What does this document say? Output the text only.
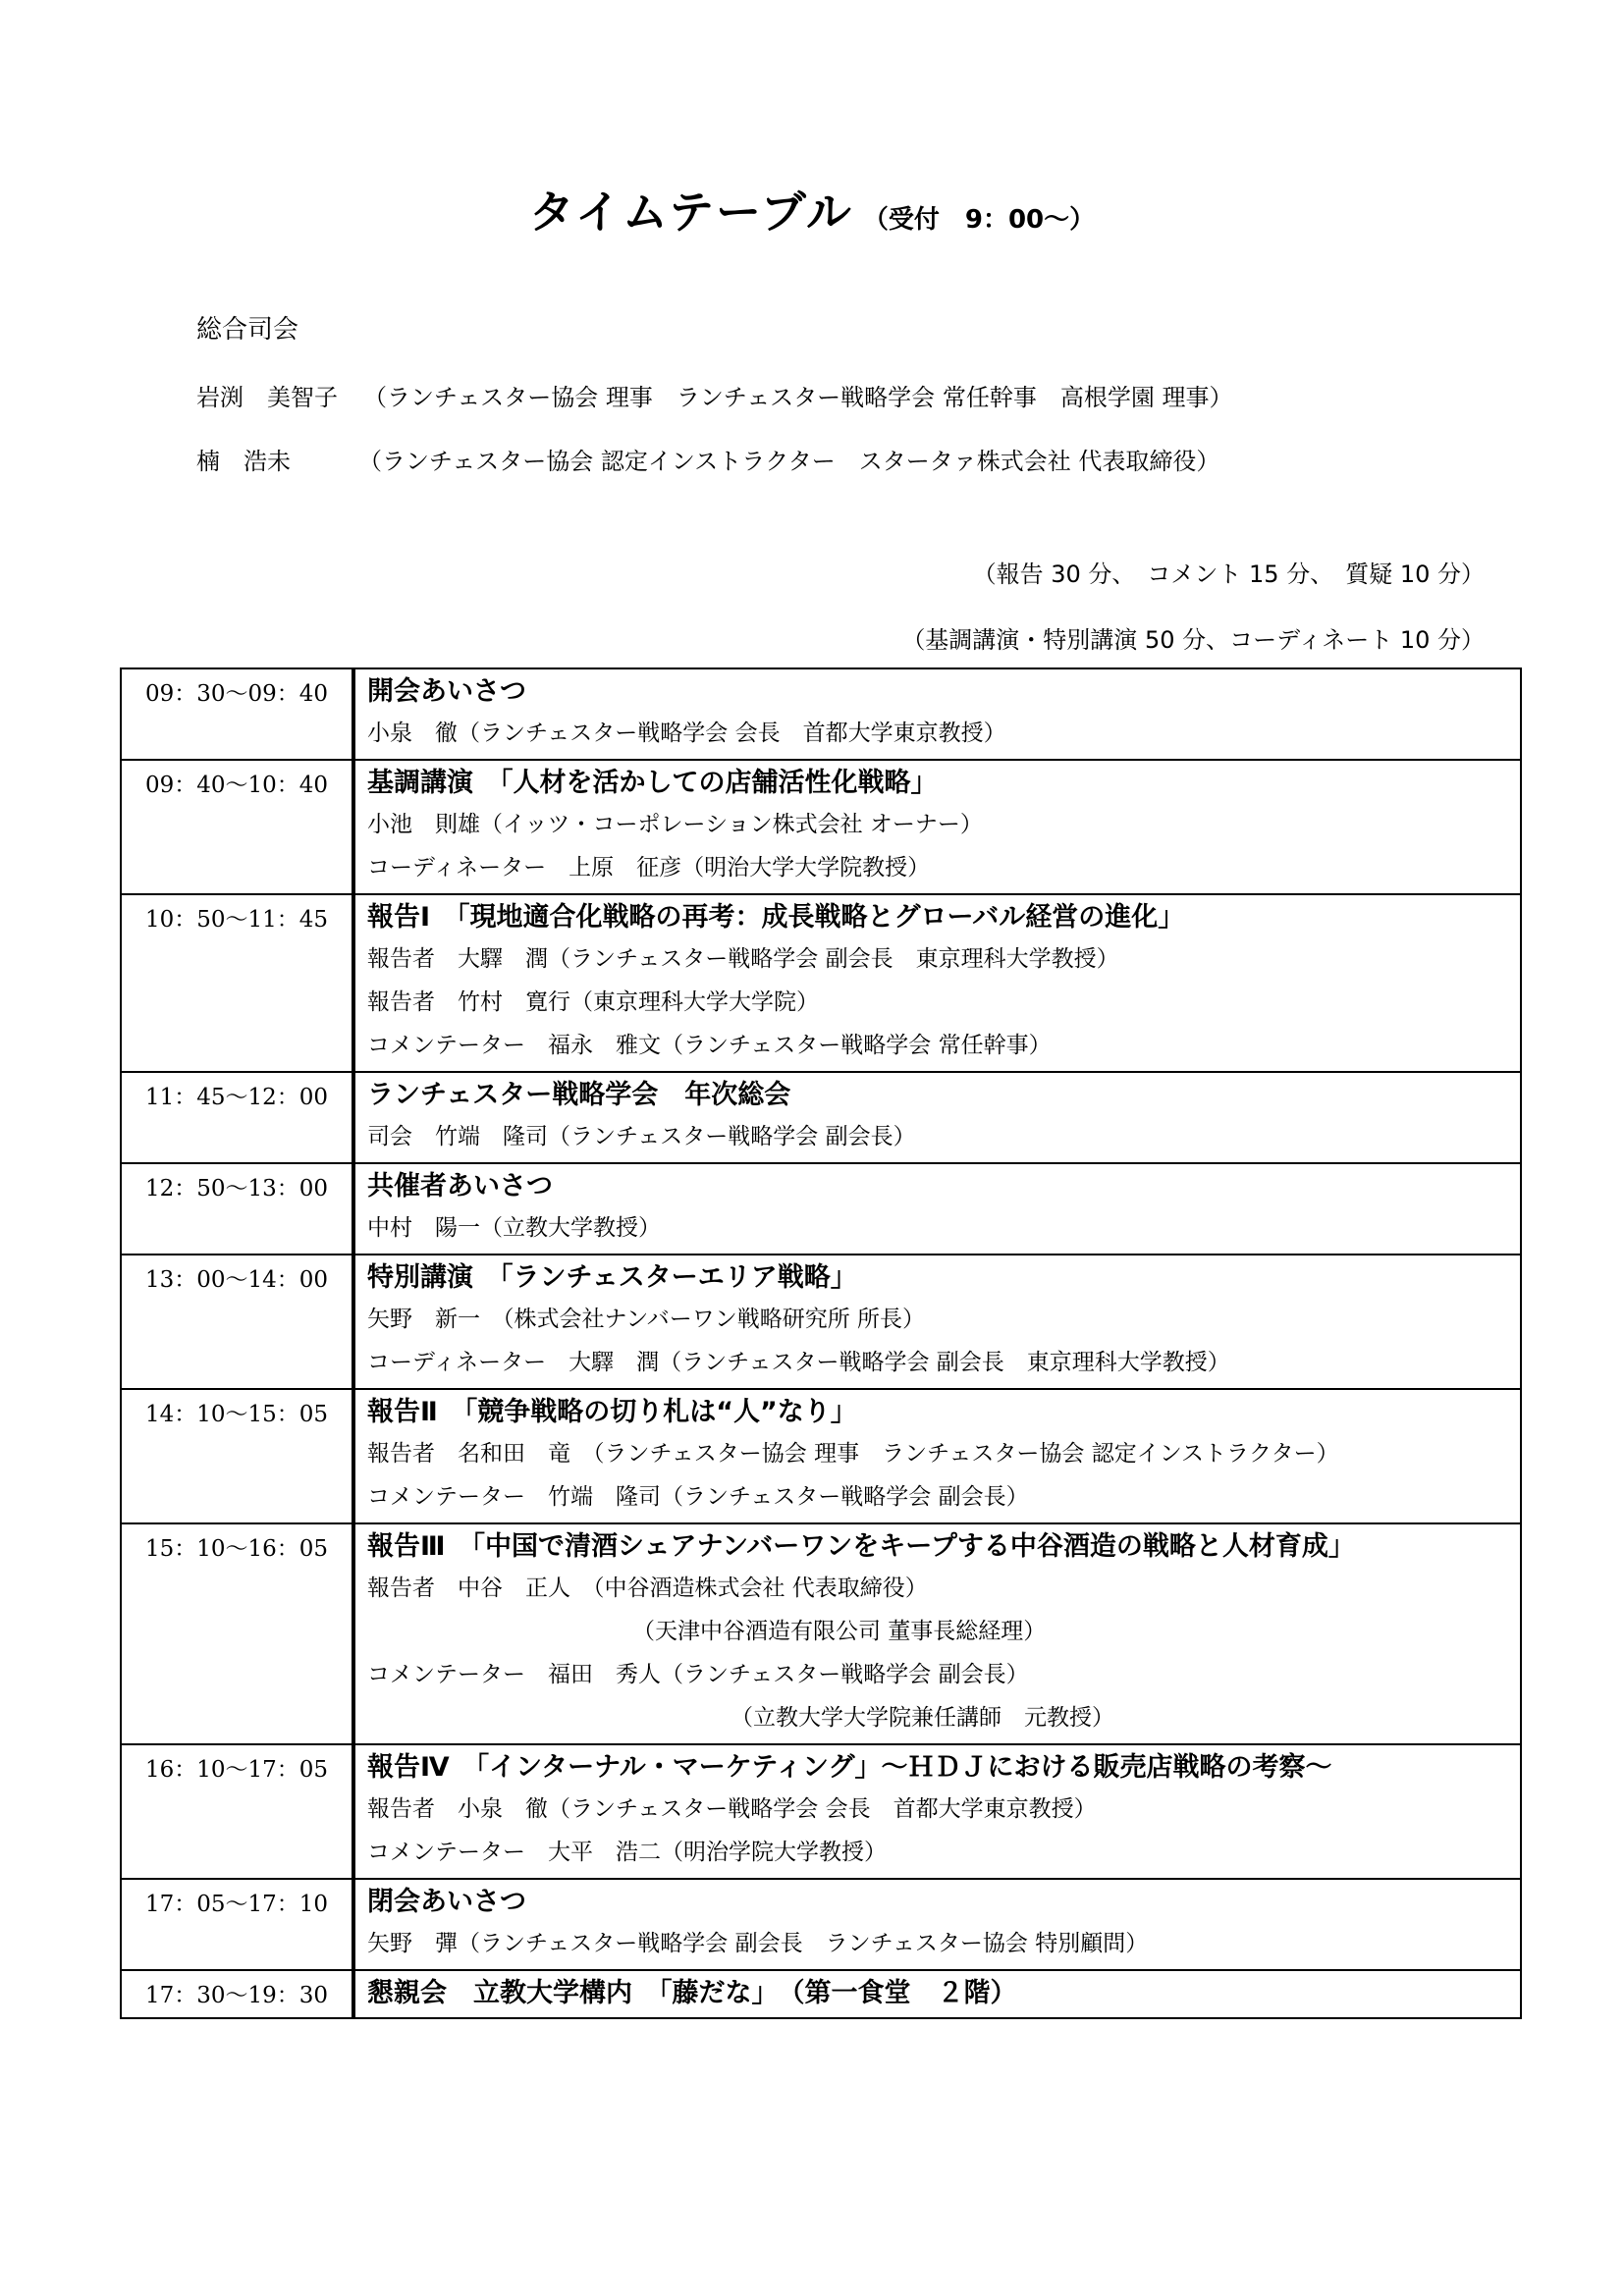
タイムテーブル （受付　9：00～）
総合司会
岩渕　美智子 （ランチェスター協会 理事　ランチェスター戦略学会 常任幹事　高根学園 理事）
楠　浩未	（ランチェスター協会 認定インストラクター　スタータァ株式会社 代表取締役）
（報告 30 分、　コメント 15 分、　質疑 10 分）
（基調講演・特別講演 50 分、コーディネート 10 分）
09：30～09：40	開会あいさつ
小泉　徹（ランチェスター戦略学会 会長　首都大学東京教授）

09：40～10：40	基調講演　 「人材を活かしての店舗活性化戦略」
小池　則雄（イッツ・コーポレーション株式会社 オーナー）
コーディネーター　上原　征彦（明治大学大学院教授）

10：50～11：45	報告Ⅰ　 「現地適合化戦略の再考：成長戦略とグローバル経営の進化」
報告者　大驛　潤（ランチェスター戦略学会 副会長　東京理科大学教授）
報告者　竹村　寛行（東京理科大学大学院）
コメンテーター　福永　雅文（ランチェスター戦略学会 常任幹事）

11：45～12：00	ランチェスター戦略学会　 年次総会
司会　竹端　隆司（ランチェスター戦略学会 副会長）

12：50～13：00	共催者あいさつ
中村　陽一（立教大学教授）

13：00～14：00	特別講演　 「ランチェスターエリア戦略」
矢野　新一　（株式会社ナンバーワン戦略研究所 所長）
コーディネーター　大驛　潤（ランチェスター戦略学会 副会長　東京理科大学教授）

14：10～15：05	報告Ⅱ　 「競争戦略の切り札は“人”なり」
報告者　名和田　竜　（ランチェスター協会 理事　ランチェスター協会 認定インストラクター）
コメンテーター　竹端　隆司（ランチェスター戦略学会 副会長）

15：10～16：05	報告Ⅲ　 「中国で清酒シェアナンバーワンをキープする中谷酒造の戦略と人材育成」
報告者　中谷　正人　（中谷酒造株式会社 代表取締役）
（天津中谷酒造有限公司 董事長総経理）
コメンテーター　福田　秀人（ランチェスター戦略学会 副会長）
（立教大学大学院兼任講師　元教授）

16：10～17：05	報告Ⅳ　 「インターナル・マーケティング」～ＨＤＪにおける販売店戦略の考察～
報告者　小泉　徹（ランチェスター戦略学会 会長　首都大学東京教授）
コメンテーター　大平　浩二（明治学院大学教授）

17：05～17：10	閉会あいさつ
矢野　彈（ランチェスター戦略学会 副会長　ランチェスター協会 特別顧問）

17：30～19：30	懇親会　 立教大学構内　「藤だな」　（第一食堂　２階）
